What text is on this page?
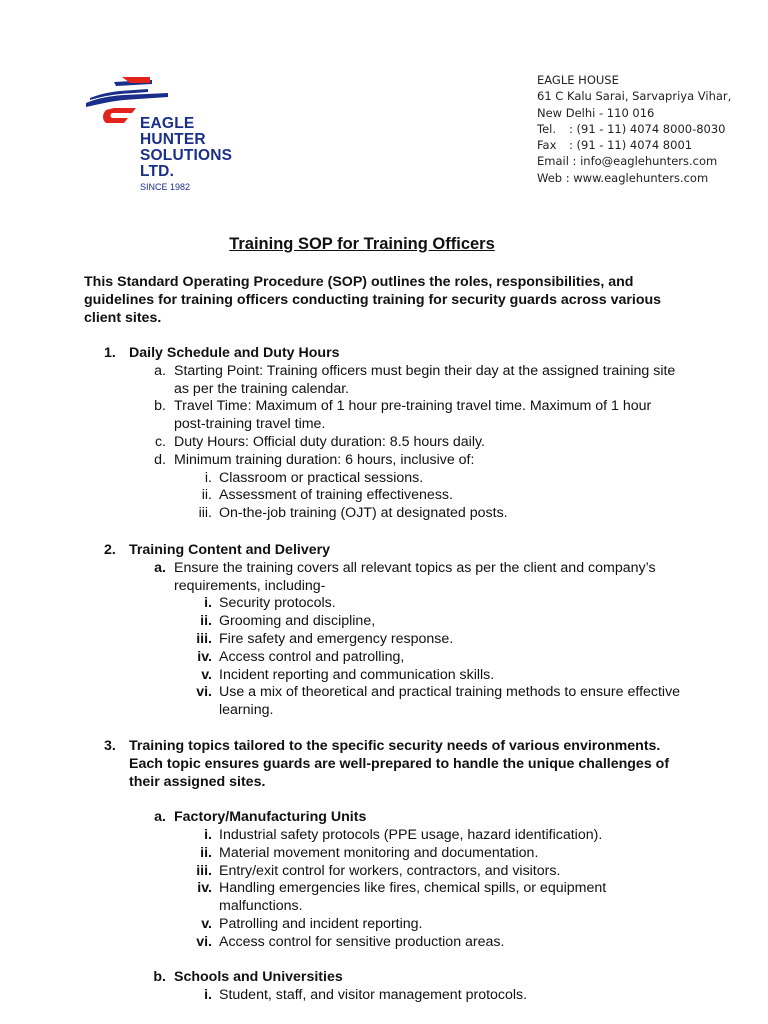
EAGLE
HUNTER
SOLUTIONS
LTD.
SINCE 1982
EAGLE HOUSE
61 C Kalu Sarai, Sarvapriya Vihar,
New Delhi - 110 016
Tel. : (91 - 11) 4074 8000-8030
Fax : (91 - 11) 4074 8001
Email : info@eaglehunters.com
Web : www.eaglehunters.com
Training SOP for Training Officers
This Standard Operating Procedure (SOP) outlines the roles, responsibilities, and guidelines for training officers conducting training for security guards across various client sites.
1. Daily Schedule and Duty Hours
a. Starting Point: Training officers must begin their day at the assigned training site as per the training calendar.
b. Travel Time: Maximum of 1 hour pre-training travel time. Maximum of 1 hour post-training travel time.
c. Duty Hours: Official duty duration: 8.5 hours daily.
d. Minimum training duration: 6 hours, inclusive of:
i. Classroom or practical sessions.
ii. Assessment of training effectiveness.
iii. On-the-job training (OJT) at designated posts.
2. Training Content and Delivery
a. Ensure the training covers all relevant topics as per the client and company’s requirements, including-
i. Security protocols.
ii. Grooming and discipline,
iii. Fire safety and emergency response.
iv. Access control and patrolling,
v. Incident reporting and communication skills.
vi. Use a mix of theoretical and practical training methods to ensure effective learning.
3. Training topics tailored to the specific security needs of various environments. Each topic ensures guards are well-prepared to handle the unique challenges of their assigned sites.
a. Factory/Manufacturing Units
i. Industrial safety protocols (PPE usage, hazard identification).
ii. Material movement monitoring and documentation.
iii. Entry/exit control for workers, contractors, and visitors.
iv. Handling emergencies like fires, chemical spills, or equipment malfunctions.
v. Patrolling and incident reporting.
vi. Access control for sensitive production areas.
b. Schools and Universities
i. Student, staff, and visitor management protocols.
